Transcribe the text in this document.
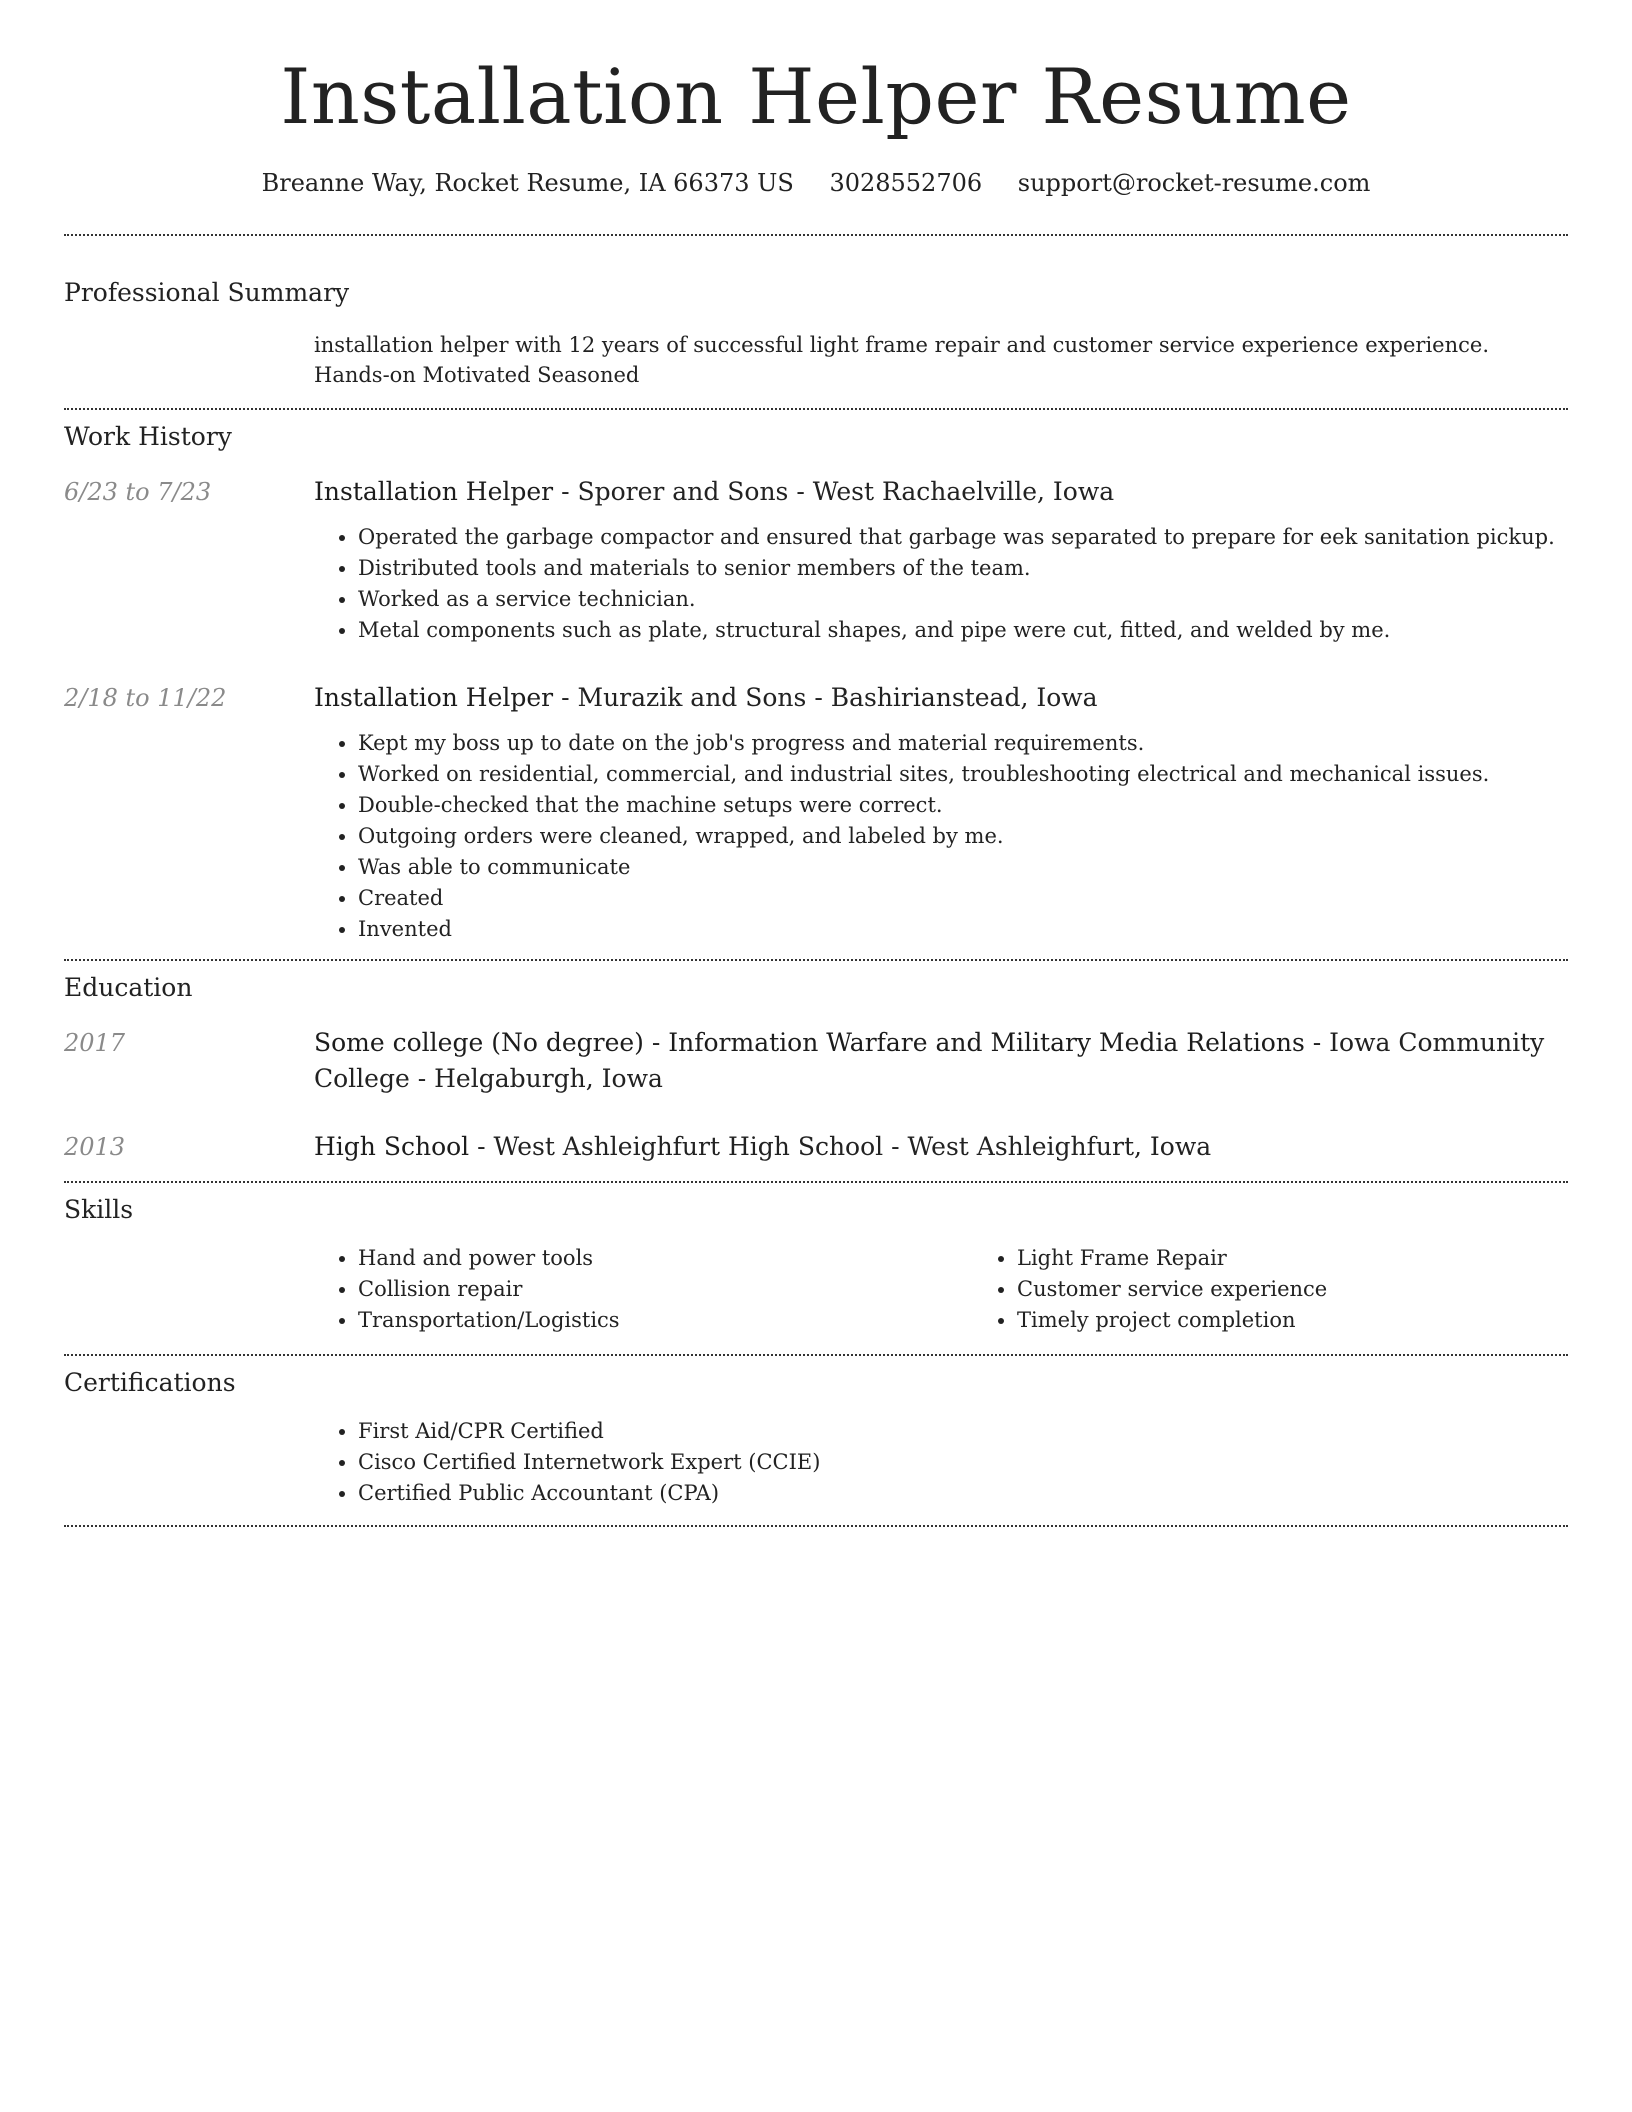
Installation Helper Resume
Breanne Way, Rocket Resume, IA 66373 US 3028552706 support@rocket-resume.com
Professional Summary
installation helper with 12 years of successful light frame repair and customer service experience experience. Hands-on Motivated Seasoned
Work History
6/23 to 7/23	Installation Helper - Sporer and Sons - West Rachaelville, Iowa
• Operated the garbage compactor and ensured that garbage was separated to prepare for eek sanitation pickup.
• Distributed tools and materials to senior members of the team.
• Worked as a service technician.
• Metal components such as plate, structural shapes, and pipe were cut, fitted, and welded by me.
2/18 to 11/22	Installation Helper - Murazik and Sons - Bashirianstead, Iowa
• Kept my boss up to date on the job's progress and material requirements.
• Worked on residential, commercial, and industrial sites, troubleshooting electrical and mechanical issues.
• Double-checked that the machine setups were correct.
• Outgoing orders were cleaned, wrapped, and labeled by me.
• Was able to communicate
• Created
• Invented
Education
2017	Some college (No degree) - Information Warfare and Military Media Relations - Iowa Community College - Helgaburgh, Iowa
2013	High School - West Ashleighfurt High School - West Ashleighfurt, Iowa
Skills
• Hand and power tools
• Collision repair
• Transportation/Logistics
• Light Frame Repair
• Customer service experience
• Timely project completion
Certifications
• First Aid/CPR Certified
• Cisco Certified Internetwork Expert (CCIE)
• Certified Public Accountant (CPA)
